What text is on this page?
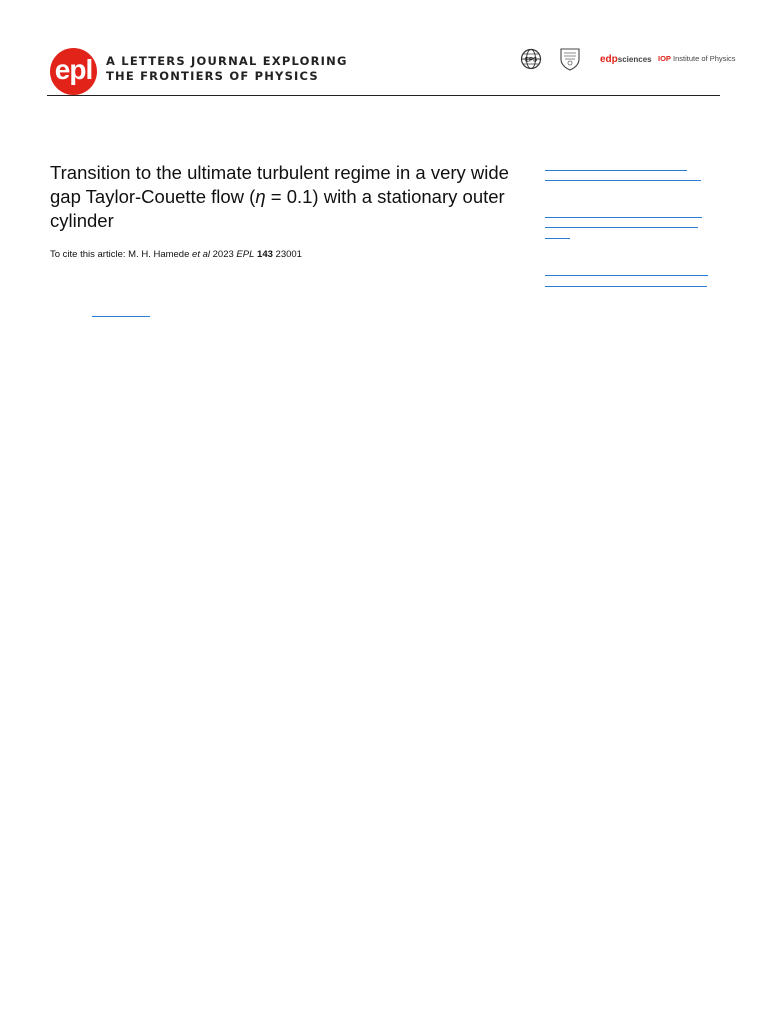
epl	A LETTERS JOURNAL EXPLORING
THE FRONTIERS OF PHYSICS
EPS	edpsciences IOP Institute of Physics
Transition to the ultimate turbulent regime in a very wide gap Taylor-Couette flow (η = 0.1) with a stationary outer cylinder
To cite this article: M. H. Hamede et al 2023 EPL 143 23001
